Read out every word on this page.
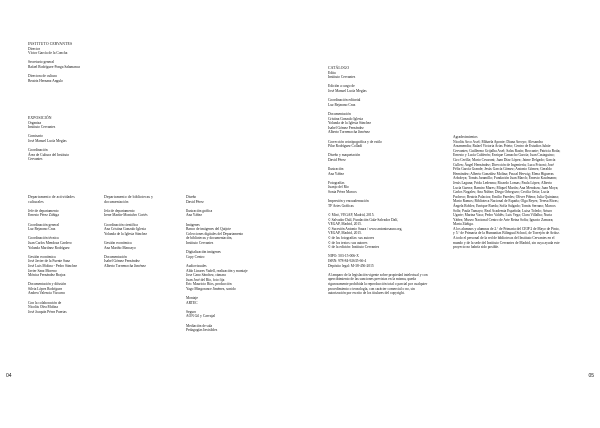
INSTITUTO CERVANTES

Director

Víctor García de la Concha

Secretario general

Rafael Rodríguez-Ponga Salamanca

Directora de cultura

Beatriz Hernanz Angulo

EXPOSICIÓN

Organiza

Instituto Cervantes

Comisario

José Manuel Lucía Megías

Coordinación

Área de Cultura del Instituto

Cervantes

Departamento de actividades

culturales

Jefe de departamento

Ernesto Pérez Zúñiga

Coordinación general

Luz Bejarano Cruz

Coordinación técnica

Juan Carlos Mendoza Cardero

Yolanda Martínez Rodríguez

Gestión económica

José Javier de la Fuente Sanz

José Luis Molina - Pedro Sánchez

Javier Sanz Moreno

Mónica Fernández Brajoa

Documentación y difusión

Silvia López Rodríguez

Andrea Valencia Vizcarra

Con la colaboración de

Nicolás Olea Molina

José Joaquín Pérez Puertas

Departamento de bibliotecas y

documentación

Jefa de departamento

Irene Martín-Montalvo Cortés

Coordinación científica

Ana Cristina Gonzalo Iglesia

Yolanda de la Iglesia Sánchez

Gestión económica

Ana Mariño Mancayo

Documentación

Isabel Gómez Fernández

Alberto Torremocha Jiménez

Diseño

David Pérez

Ilustración gráfica

Ana Yáñez

Imágenes

Banco de imágenes del Quijote

Colecciones digitales del Departamento

de bibliotecas y documentación,

Instituto Cervantes

Digitalización imágenes

Copy Centro

Audiovisuales

Aldo Linares Vadell, realización y montaje

Jose Cano Sánchez, cámara

Juan José del Río, foto fija

Eric Mauricio Ríos, producción

Yago Mingorance Jiménez, sonido

Montaje

ARTEC

Seguro

AON Gil y Carvajal

Mediación de sala

Pedagogías Invisibles

04

CATÁLOGO

Edita

Instituto Cervantes

Edición a cargo de

José Manuel Lucía Megías

Coordinación editorial

Luz Bejarano Cruz

Documentación

Cristina Gonzalo Iglesia

Yolanda de la Iglesia Sánchez

Isabel Gómez Fernández

Alberto Torremocha Jiménez

Corrección ortotipográfica y de estilo

Pilar Rodríguez Colladí

Diseño y maquetación

David Pérez

Ilustración

Ana Yáñez

Fotografías

Juanjo del Río

Sonia Pérez Marcos

Impresión y encuadernación

TF Artes Gráficas

© Miró, VEGAP, Madrid, 2015.

© Salvador Dalí, Fundación Gala-Salvador Dalí,

VEGAP, Madrid, 2015.

© Sucesión Antonio Saura / www.antoniosaura.org,

VEGAP, Madrid, 2015.

© de las fotografías: sus autores

© de los textos: sus autores

© de la edición: Instituto Cervantes

NIPO: 503-15-006-X

ISBN: 978-84-92635-66-4

Depósito legal: M-38-456-2015

Al amparo de la legislación vigente sobre propiedad intelectual y con apercibimiento de las sanciones previstas en la misma, queda rigurosamente prohibida la reproducción total o parcial por cualquier procedimiento o tecnología, con carácter comercial o no, sin autorización por escrito de los titulares del copyright.

Agradecimientos

Nicolás Arco Axel; Mihaela Aponte; Diana Arroyo; Alexandra Arzamendia; Rafael Victoria Arias Prieto; Centro de Estudios Iuhúe Cervantes; Guillermo Grijalba Axel; Salas Rasín; Brocante; Patricia Botía; Ernesto y Lucía Calderón; Enrique Camacho García; Juan Castaguino; Ciro Cerilla; Mario Cesaroni; Juan Díaz López; Jaime Delgado; García Cullen; Ángel Hernández; Dirección de Ingeniería; Luca Frisoni; José Félix García Grande; Jesús García Gómez; Antonio Gómez; Geraldo Hernández; Alberto González Molina; Pascal Herwig; Elena Higueras Arboleya; Tomás Jaramillo; Fundación Juan March; Ernesto Kaufmann; Jesús Laguna; Frida Ledesma; Ricardo Lomas; Paula López; Alberto Lucía Guerra; Ramiro Mares; Miquel Martín; Ana Mendoza; Juan Moya; Carlos Nogales; Ana Núñez; Diego Orbegozo; Cecilia Ortiz; Lucía Pacheco; Beatriz Palacios; Emilio Paredes; Oliver Piñera; Julia Quintana; Mario Ramos; Biblioteca Nacional de España; Olga Reyes; Teresa Rivas; Ángela Robles; Enrique Rueda; Sofía Salgado; Tomás Serrano; Marcos Solís; Paula Tamayo; Real Academia Española; Luisa Toledo; Arturo Ugarte; Marina Vaca; Pedro Valdés; Luis Vega; Clara Villalba; Nuria Yáñez; Museo Nacional Centro de Arte Reina Sofía; Ignacio Zamora; Marta Zúñiga.

A los alumnos y alumnas de 2.º de Primaria del CEIP 2 de Mayo de Pinto, y 5.º de Primaria de la Humanitas Bilingual School, de Torrejón de Ardoz.

A todo el personal de la red de bibliotecas del Instituto Cervantes en el mundo y de la sede del Instituto Cervantes de Madrid, sin cuya ayuda este proyecto no habría sido posible.

05
